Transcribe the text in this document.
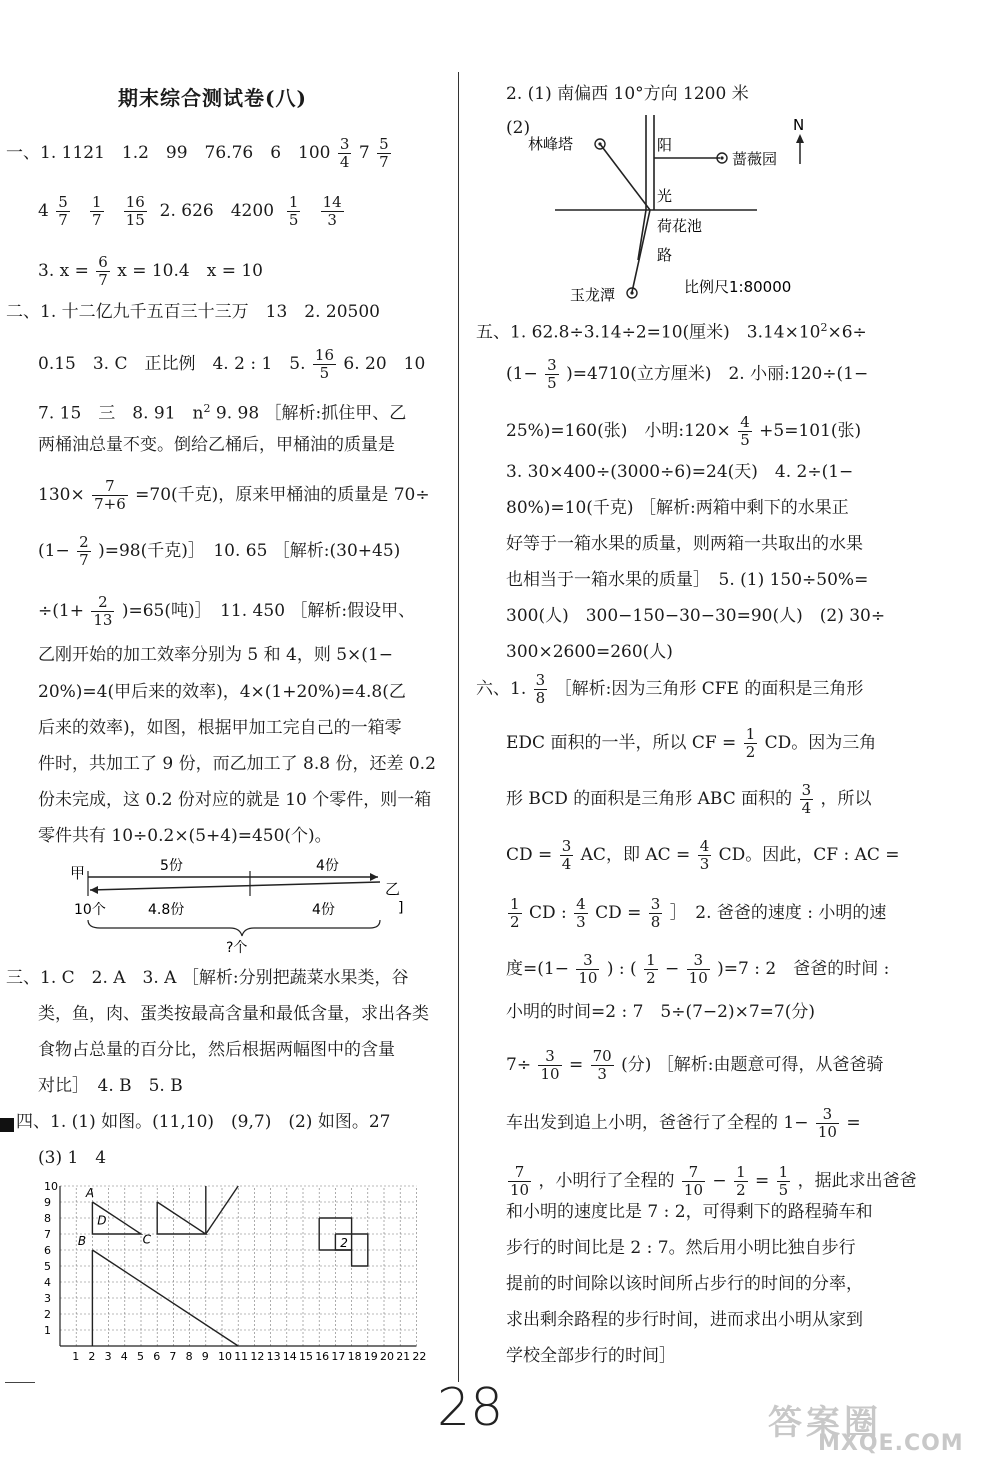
期末综合测试卷(八)
一、1. 1121　1.2　99　76.76　6　$100 \frac{3}{4} 7 \frac{5}{7}$
$4 \frac{5}{7}$
$\frac{1}{7}$
$\frac{16}{15} 2$. 626　$4200 \frac{1}{5}$
$\frac{14}{3}$
3. $x = \frac{6}{7}$ x = 10.4　x = 10
二、1. 十二亿九千五百三十三万　13　2. 20500
0.15　3. C　正比例　4. 2 : 1　5. $\frac{16}{5} 6$. 20　10
7. 15　三　8. 91　$n^2$ 9. 98 ［解析:抓住甲、乙
两桶油总量不变。倒给乙桶后，甲桶油的质量是
$130\times \frac{7}{7+6} =70$(千克)，原来甲桶油的质量是 70÷
$(1- \frac{2}{7} )=98$(千克)］　10. 65 ［解析:(30+45)
$\div(1+ \frac{2}{13} )=65$(吨)］　11. 450 ［解析:假设甲、
乙刚开始的加工效率分别为 5 和 4，则 5×(1−
20%)=4(甲后来的效率)，4×(1+20%)=4.8(乙
后来的效率)，如图，根据甲加工完自己的一箱零
件时，共加工了 9 份，而乙加工了 8.8 份，还差 0.2
份未完成，这 0.2 份对应的就是 10 个零件，则一箱
零件共有 10÷0.2×(5+4)=450(个)。
甲	5份	4份
乙
10个	4.8份	4份	]
?个
三、1. C　2. A　3. A ［解析:分别把蔬菜水果类，谷
类，鱼，肉、蛋类按最高含量和最低含量，求出各类
食物占总量的百分比，然后根据两幅图中的含量
对比］　4. B　5. B
四、1. (1) 如图。(11,10)　(9,7)　(2) 如图。27
(3) 1　4
1 2 3 4 5 6 7 8 9 10 11 12 13 14 15 16 17 18 19 20 21 22
1
2
3
4
5
6
7
8
9
10 A
B	C
D
2
2. (1) 南偏西 10°方向 1200 米
(2)
林峰塔	阳
蔷薇园
光
荷花池
路
玉龙潭	比例尺1:80000
N
五、1. 62.8÷3.14÷2=10(厘米)　$3.14\times 10^2\times 6\div$
$(1- \frac{3}{5} )=4710$(立方厘米)　2. 小丽:120÷(1−
25%)=160(张)　小明:120× $\frac{4}{5} +5=101$(张)
3. 30×400÷(3000÷6)=24(天)　4. 2÷(1−
80%)=10(千克) ［解析:两箱中剩下的水果正
好等于一箱水果的质量，则两箱一共取出的水果
也相当于一箱水果的质量］　5. (1) 150÷50%=
300(人)　300−150−30−30=90(人)　(2) 30÷
300×2600=260(人)
六、1. $\frac{3}{8}$ ［解析:因为三角形 CFE 的面积是三角形
EDC 面积的一半，所以 CF = $\frac{1}{2}$ CD。因为三角
形 BCD 的面积是三角形 ABC 面积的 $\frac{3}{4}$ ，所以
CD = $\frac{3}{4}$ AC，即 AC = $\frac{4}{3}$ CD。因此，CF : AC =
$\frac{1}{2}$ CD : $\frac{4}{3}$ CD = $\frac{3}{8}$ ］　2. 爸爸的速度 : 小明的速
度$=(1- \frac{3}{10}$ ) : ( $\frac{1}{2} - \frac{3}{10} )=7$ : 2　爸爸的时间 :
小明的时间=2 : 7　5÷(7−2)×7=7(分)
$7\div \frac{3}{10} = \frac{70}{3}$ (分) ［解析:由题意可得，从爸爸骑
车出发到追上小明，爸爸行了全程的 $1- \frac{3}{10}$ =
$\frac{7}{10}$ ，小明行了全程的 $\frac{7}{10} - \frac{1}{2} = \frac{1}{5}$ ，据此求出爸爸
和小明的速度比是 7 : 2，可得剩下的路程骑车和
步行的时间比是 2 : 7。然后用小明比独自步行
提前的时间除以该时间所占步行的时间的分率，
求出剩余路程的步行时间，进而求出小明从家到
学校全部步行的时间］
28	答案圈
MXQE.COM
